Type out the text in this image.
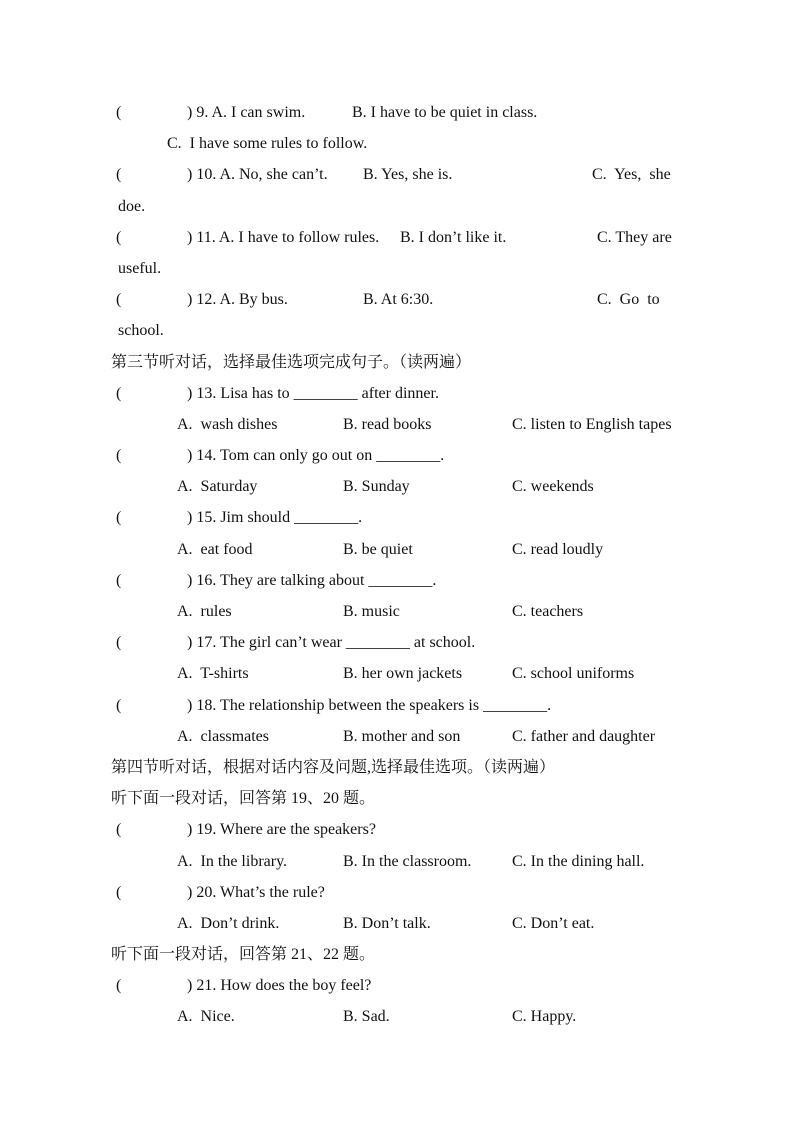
(	) 9. A. I can swim.	B. I have to be quiet in class.
C.  I have some rules to follow.
(	) 10. A. No, she can’t. B. Yes, she is.	C.  Yes,  she
doe.
(	) 11. A. I have to follow rules. B. I don’t like it.	C. They are
useful.
(	) 12. A. By bus.	B. At 6:30.	C.  Go  to
school.
第三节听对话，选择最佳选项完成句子。（读两遍）
(	) 13. Lisa has to ________ after dinner.
A.  wash dishes	B. read books	C. listen to English tapes
(	) 14. Tom can only go out on ________.
A.  Saturday	B. Sunday	C. weekends
(	) 15. Jim should ________.
A.  eat food	B. be quiet	C. read loudly
(	) 16. They are talking about ________.
A.  rules	B. music	C. teachers
(	) 17. The girl can’t wear ________ at school.
A.  T-shirts	B. her own jackets	C. school uniforms
(	) 18. The relationship between the speakers is ________.
A.  classmates	B. mother and son	C. father and daughter
第四节听对话，根据对话内容及问题,选择最佳选项。（读两遍）
听下面一段对话，回答第 19、20 题。
(	) 19. Where are the speakers?
A.  In the library.	B. In the classroom.	C. In the dining hall.
(	) 20. What’s the rule?
A.  Don’t drink.	B. Don’t talk.	C. Don’t eat.
听下面一段对话，回答第 21、22 题。
(	) 21. How does the boy feel?
A.  Nice.	B. Sad.	C. Happy.
